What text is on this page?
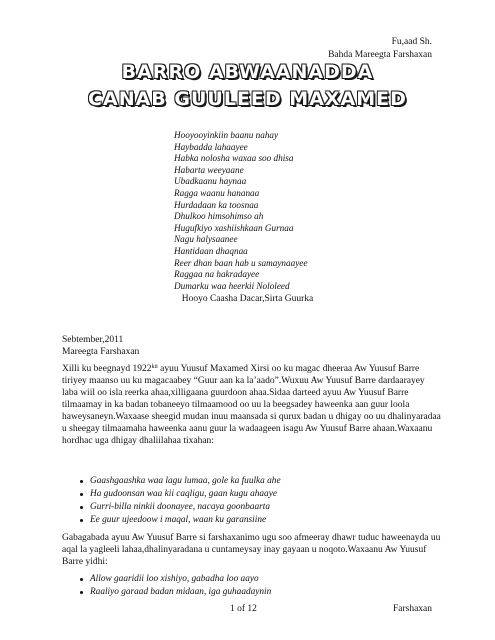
Fu,aad Sh.
Bahda Mareegta Farshaxan
BARRO ABWAANADDA
CANAB GUULEED MAXAMED
Hooyooyinkiin baanu nahay
Haybadda lahaayee
Habka nolosha waxaa soo dhisa
Habarta weeyaane
Ubadkaanu haynaa
Ragga waanu hananaa
Hurdadaan ka toosnaa
Dhulkoo himsohimso ah
Hugufkiyo xashiishkaan Gurnaa
Nagu halysaanee
Hantidaan dhaqnaa
Reer dhan baan hab u samaynaayee
Raggaa na hakradayee
Dumarku waa heerkii Nololeed
Hooyo Caasha Dacar,Sirta Guurka
Sebtember,2011
Mareegta Farshaxan
Xilli ku beegnayd $1922^{kii}$ ayuu Yuusuf Maxamed Xirsi oo ku magac dheeraa Aw Yuusuf Barre tiriyey maanso uu ku magacaabey “Guur aan ka la’aado”.Wuxuu Aw Yuusuf Barre dardaarayey laba wiil oo isla reerka ahaa,xilligaana guurdoon ahaa.Sidaa darteed ayuu Aw Yuusuf Barre tilmaamay in ka badan tobaneeyo tilmaamood oo uu la beegsadey haweenka aan guur loola haweysaneyn.Waxaase sheegid mudan inuu maansada si qurux badan u dhigay oo uu dhalinyaradaa u sheegay tilmaamaha haweenka aanu guur la wadaageen isagu Aw Yuusuf Barre ahaan.Waxaanu hordhac uga dhigay dhaliilahaa tixahan:
Gaashgaashka waa lagu lumaa, gole ka fuulka ahe
Ha gudoonsan waa kii caqligu, gaan kugu ahaaye
Gurri-billa ninkii doonayee, nacaya goonbaarta
Ee guur ujeedoow i maqal, waan ku garansiine
Gabagabada ayuu Aw Yuusuf Barre si farshaxanimo ugu soo afmeeray dhawr tuduc haweenayda uu aqal la yagleeli lahaa,dhalinyaradana u cuntameysay inay gayaan u noqoto.Waxaanu Aw Yuusuf Barre yidhi:
Allow gaaridii loo xishiyo, gabadha loo aayo
Raaliyo garaad badan midaan, iga guhaadaynin
1 of 12	Farshaxan
